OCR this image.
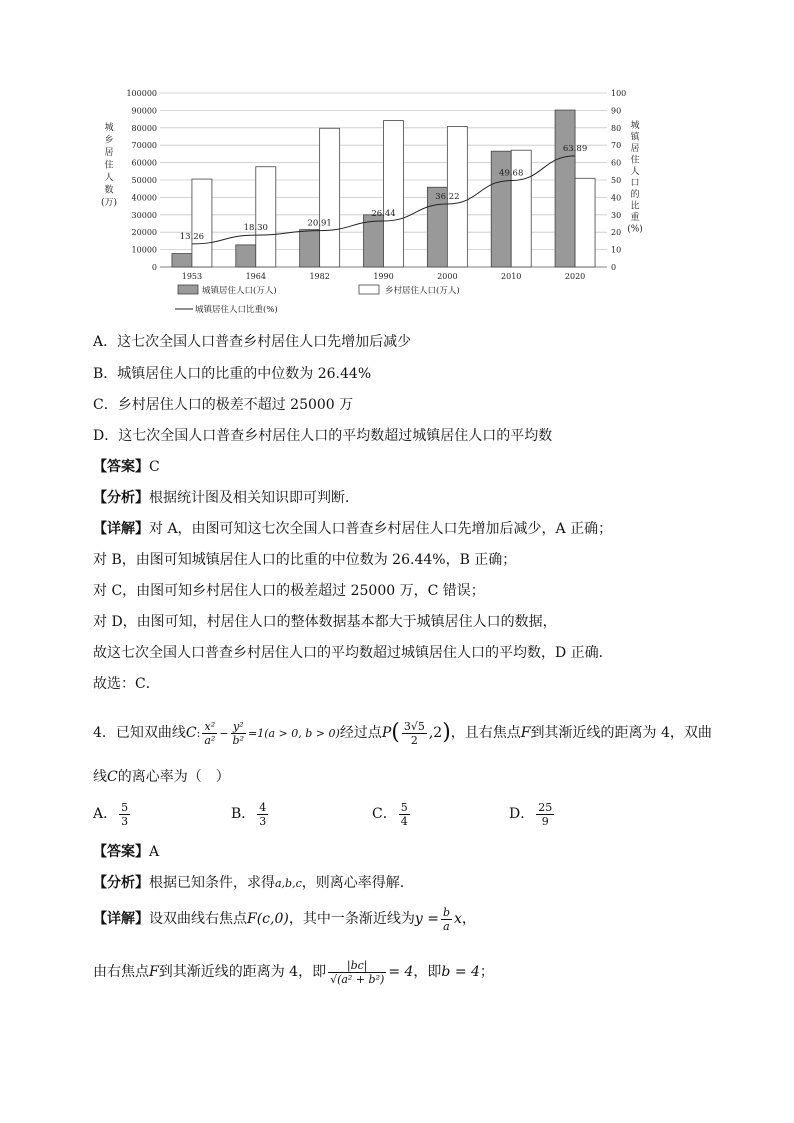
0
10000
20000
30000
40000
50000
60000
70000
80000
90000
100000
0
10
20
30
40
50
60
70
80
90
100
城
乡
居
住
人
数
(万)
城
镇
居
住
人
口
的
比
重
(%)
1953	1964	1982	1990	2000	2010	2020
13.26
18.30	20.91
26.44
36.22
49.68
63.89
城镇居住人口(万人)	乡村居住人口(万人)
城镇居住人口比重(%)
A．这七次全国人口普查乡村居住人口先增加后减少
B．城镇居住人口的比重的中位数为 26.44%
C．乡村居住人口的极差不超过 25000 万
D．这七次全国人口普查乡村居住人口的平均数超过城镇居住人口的平均数
【答案】C
【分析】根据统计图及相关知识即可判断．
【详解】对 A，由图可知这七次全国人口普查乡村居住人口先增加后减少，A 正确；
对 B，由图可知城镇居住人口的比重的中位数为 26.44%，B 正确；
对 C，由图可知乡村居住人口的极差超过 25000 万，C 错误；
对 D，由图可知，村居住人口的整体数据基本都大于城镇居住人口的数据，
故这七次全国人口普查乡村居住人口的平均数超过城镇居住人口的平均数，D 正确．
故选：C．
4．已知双曲线C: $\frac{\text{x²}}{\text{a²}} - \frac{\text{y²}}{\text{b²}} =1(a > 0$, b > 0)经过点$P( \frac{3√5}{2} ,2)$，且右焦点F到其渐近线的距离为 4，双曲
线C的离心率为（　）
A． $\frac{5}{3}$	B． $\frac{4}{3}$	C． $\frac{5}{4}$	D． $\frac{25}{9}$
【答案】A
【分析】根据已知条件，求得a,b,c，则离心率得解.
【详解】设双曲线右焦点F(c,0)，其中一条渐近线为$y = \frac{b}{a}$ x，
由右焦点F到其渐近线的距离为 4，即 $\frac{|bc|}{\text{√(a² + b²)}} = 4$，即b = 4；
